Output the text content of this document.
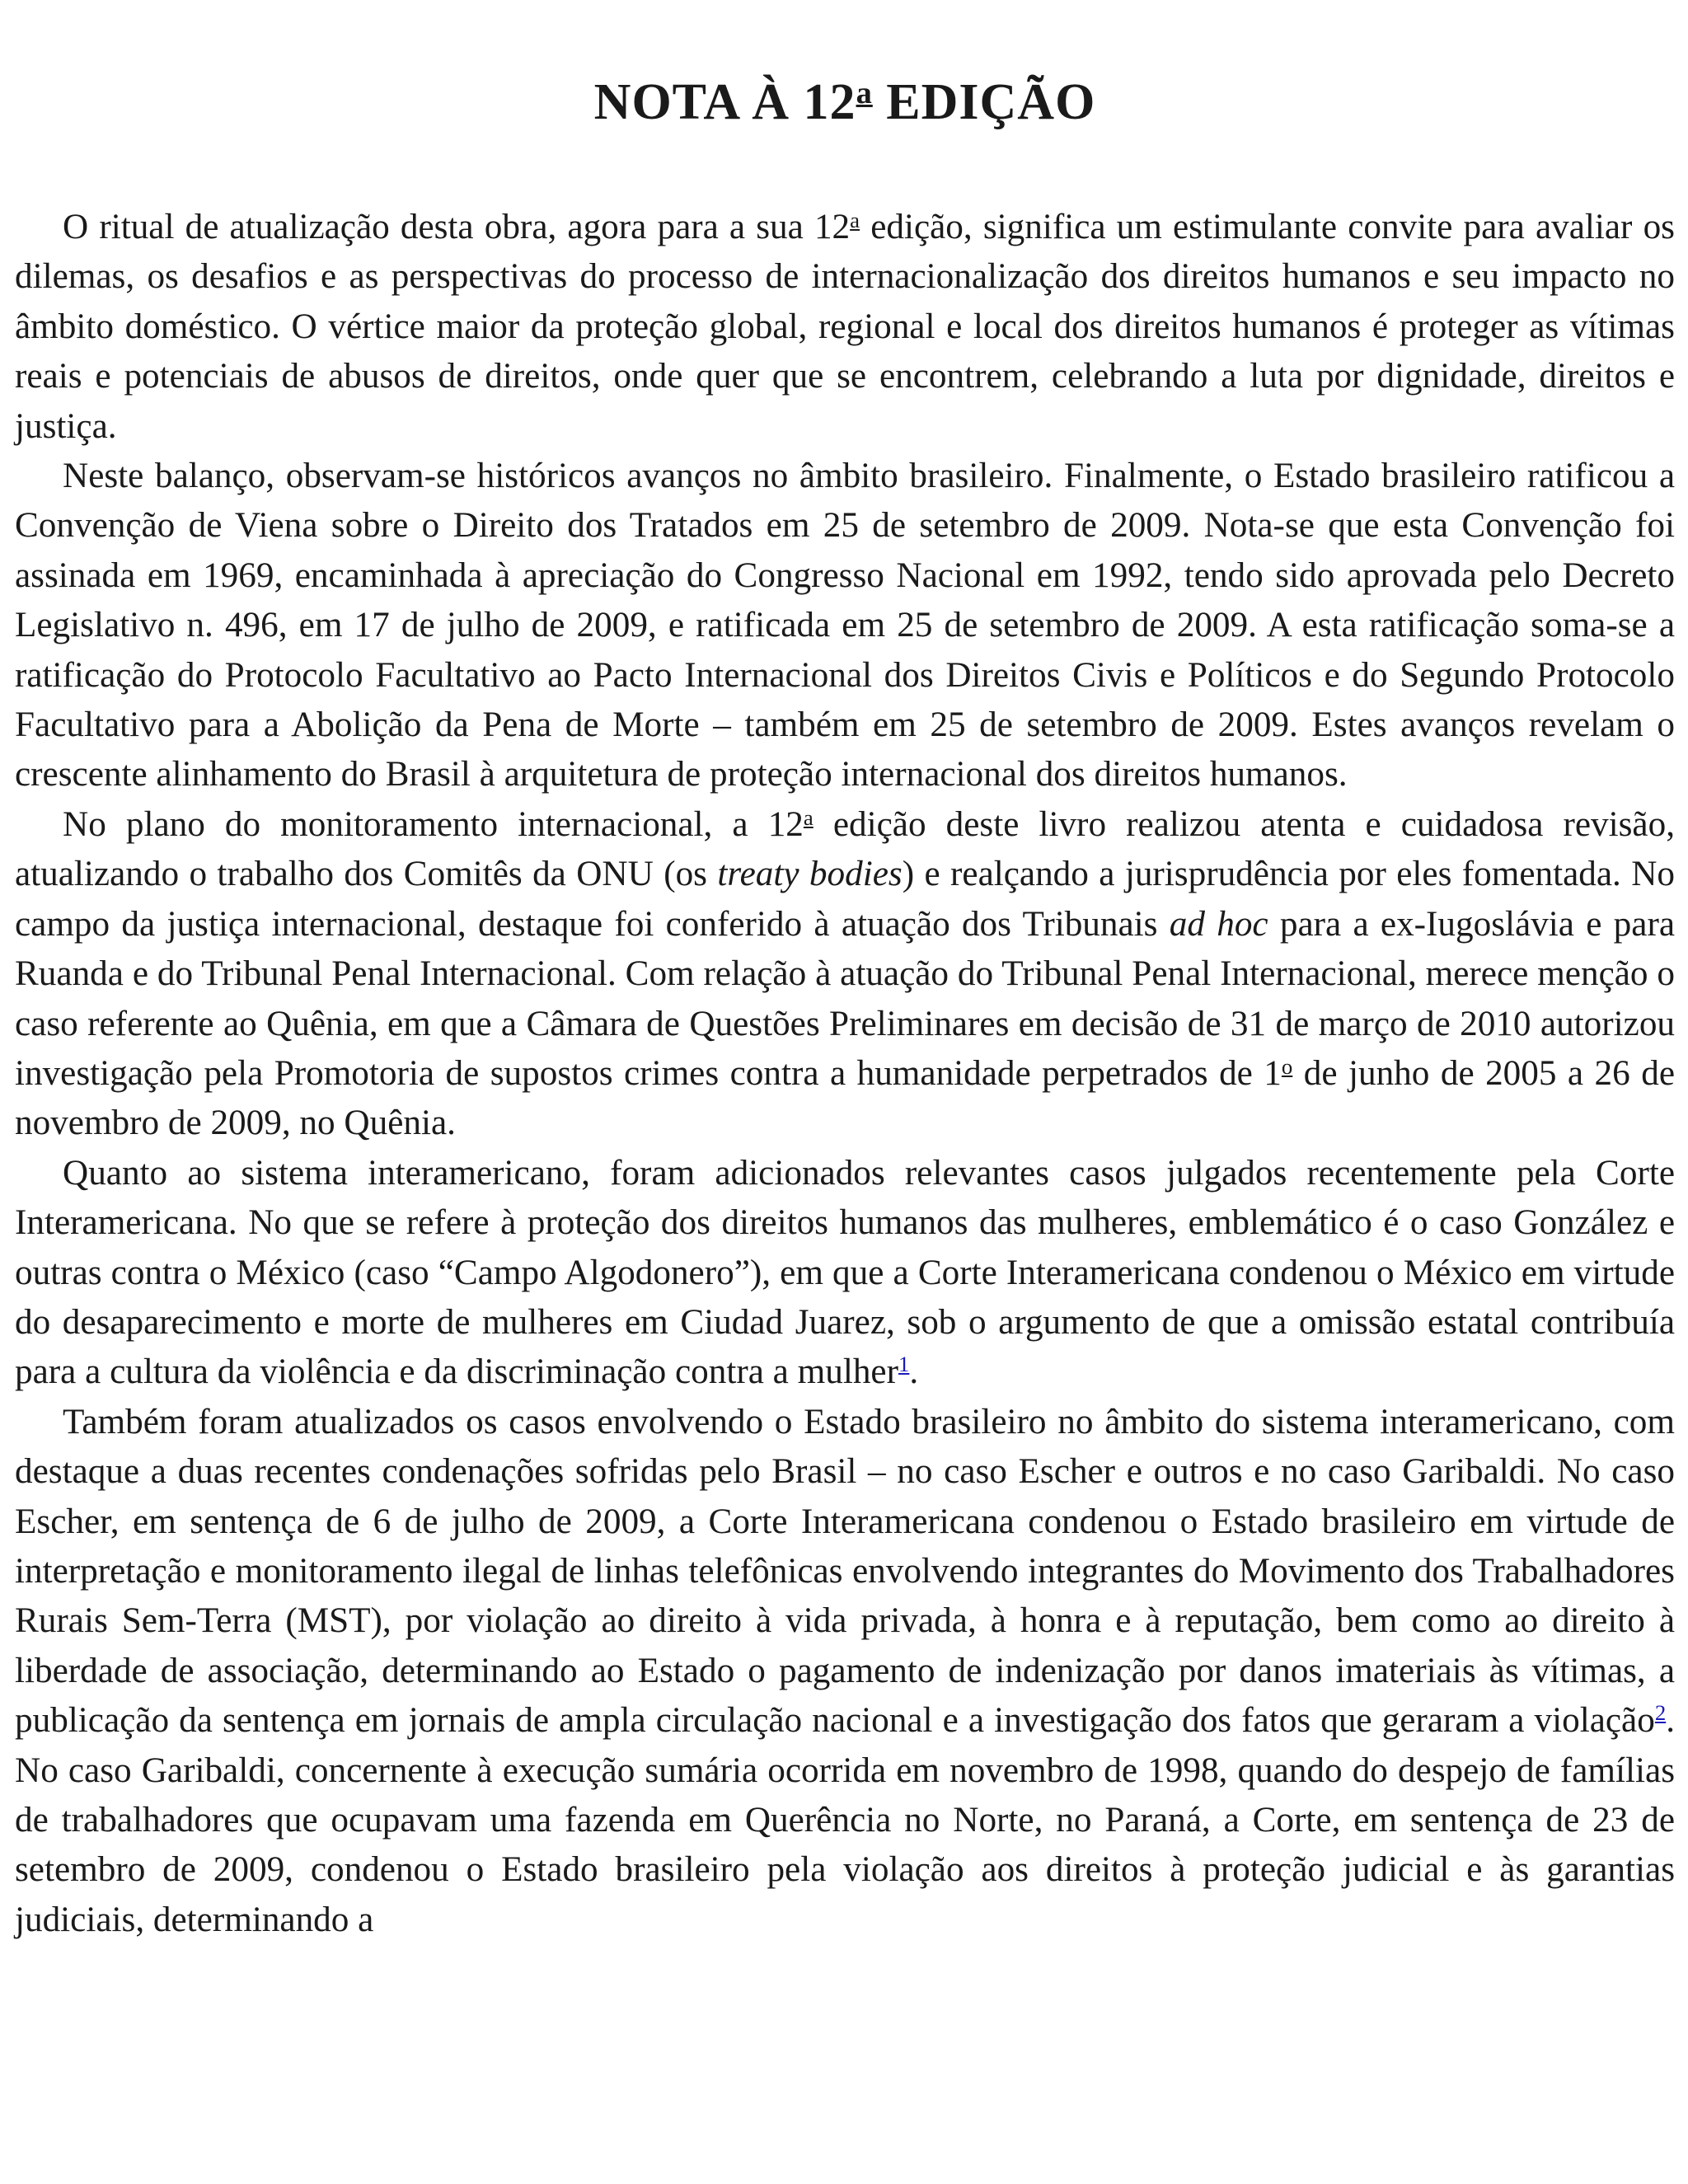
NOTA À 12$^a$ EDIÇÃO

O ritual de atualização desta obra, agora para a sua 12$^a$ edição, significa um estimulante convite para avaliar os dilemas, os desafios e as perspectivas do processo de internacionalização dos direitos humanos e seu impacto no âmbito doméstico. O vértice maior da proteção global, regional e local dos direitos humanos é proteger as vítimas reais e potenciais de abusos de direitos, onde quer que se encontrem, celebrando a luta por dignidade, direitos e justiça.

Neste balanço, observam-se históricos avanços no âmbito brasileiro. Finalmente, o Estado brasileiro ratificou a Convenção de Viena sobre o Direito dos Tratados em 25 de setembro de 2009. Nota-se que esta Convenção foi assinada em 1969, encaminhada à apreciação do Congresso Nacional em 1992, tendo sido aprovada pelo Decreto Legislativo n. 496, em 17 de julho de 2009, e ratificada em 25 de setembro de 2009. A esta ratificação soma-se a ratificação do Protocolo Facultativo ao Pacto Internacional dos Direitos Civis e Políticos e do Segundo Protocolo Facultativo para a Abolição da Pena de Morte – também em 25 de setembro de 2009. Estes avanços revelam o crescente alinhamento do Brasil à arquitetura de proteção internacional dos direitos humanos.

No plano do monitoramento internacional, a 12$^a$ edição deste livro realizou atenta e cuidadosa revisão, atualizando o trabalho dos Comitês da ONU (os treaty bodies) e realçando a jurisprudência por eles fomentada. No campo da justiça internacional, destaque foi conferido à atuação dos Tribunais ad hoc para a ex-Iugoslávia e para Ruanda e do Tribunal Penal Internacional. Com relação à atuação do Tribunal Penal Internacional, merece menção o caso referente ao Quênia, em que a Câmara de Questões Preliminares em decisão de 31 de março de 2010 autorizou investigação pela Promotoria de supostos crimes contra a humanidade perpetrados de 1$^o$ de junho de 2005 a 26 de novembro de 2009, no Quênia.

Quanto ao sistema interamericano, foram adicionados relevantes casos julgados recentemente pela Corte Interamericana. No que se refere à proteção dos direitos humanos das mulheres, emblemático é o caso González e outras contra o México (caso “Campo Algodonero”), em que a Corte Interamericana condenou o México em virtude do desaparecimento e morte de mulheres em Ciudad Juarez, sob o argumento de que a omissão estatal contribuía para a cultura da violência e da discriminação contra a mulher$^1$.

Também foram atualizados os casos envolvendo o Estado brasileiro no âmbito do sistema interamericano, com destaque a duas recentes condenações sofridas pelo Brasil – no caso Escher e outros e no caso Garibaldi. No caso Escher, em sentença de 6 de julho de 2009, a Corte Interamericana condenou o Estado brasileiro em virtude de interpretação e monitoramento ilegal de linhas telefônicas envolvendo integrantes do Movimento dos Trabalhadores Rurais Sem-Terra (MST), por violação ao direito à vida privada, à honra e à reputação, bem como ao direito à liberdade de associação, determinando ao Estado o pagamento de indenização por danos imateriais às vítimas, a publicação da sentença em jornais de ampla circulação nacional e a investigação dos fatos que geraram a violação$^2$. No caso Garibaldi, concernente à execução sumária ocorrida em novembro de 1998, quando do despejo de famílias de trabalhadores que ocupavam uma fazenda em Querência no Norte, no Paraná, a Corte, em sentença de 23 de setembro de 2009, condenou o Estado brasileiro pela violação aos direitos à proteção judicial e às garantias judiciais, determinando a
